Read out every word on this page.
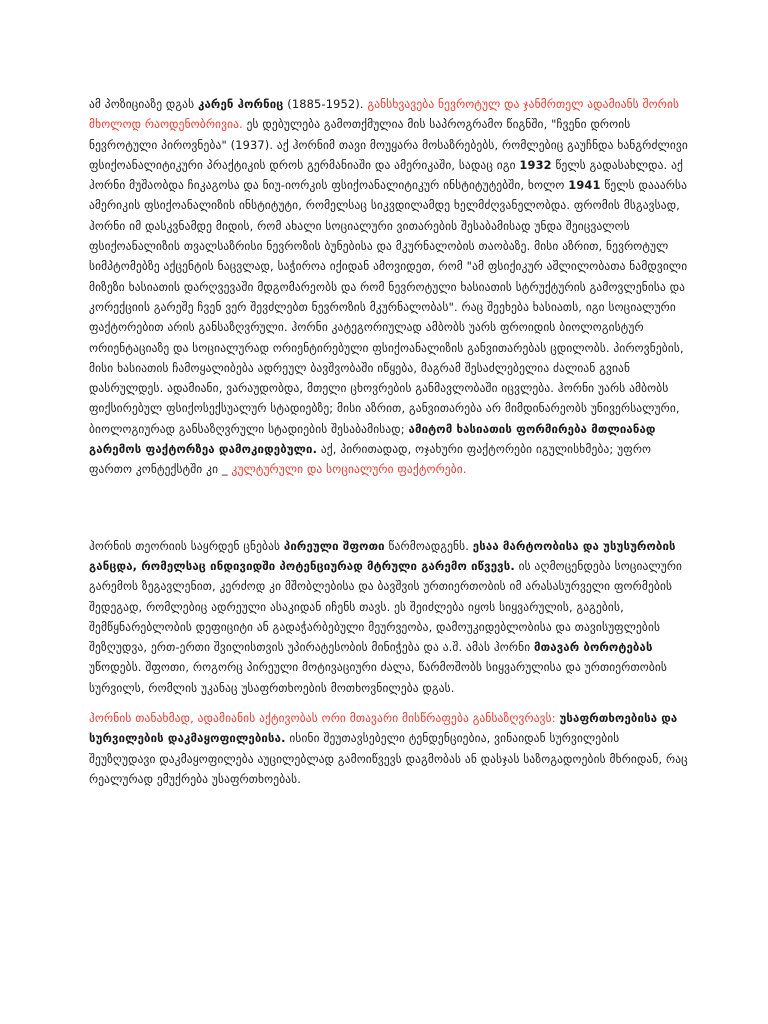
ამ პოზიციაზე დგას კარენ ჰორნიც (1885-1952). განსხვავება ნევროტულ და ჯანმრთელ ადამიანს შორის მხოლოდ რაოდენობრივია. ეს დებულება გამოთქმულია მის საპროგრამო წიგნში, "ჩვენი დროის ნევროტული პიროვნება" (1937). აქ ჰორნიმ თავი მოუყარა მოსაზრებებს, რომლებიც გაუჩნდა ხანგრძლივი ფსიქოანალიტიკური პრაქტიკის დროს გერმანიაში და ამერიკაში, სადაც იგი 1932 წელს გადასახლდა. აქ ჰორნი მუშაობდა ჩიკაგოსა და ნიუ-იორკის ფსიქოანალიტიკურ ინსტიტუტებში, ხოლო 1941 წელს დააარსა ამერიკის ფსიქოანალიზის ინსტიტუტი, რომელსაც სიკვდილამდე ხელმძღვანელობდა. ფრომის მსგავსად, ჰორნი იმ დასკვნამდე მიდის, რომ ახალი სოციალური ვითარების შესაბამისად უნდა შეიცვალოს ფსიქოანალიზის თვალსაზრისი ნევროზის ბუნებისა და მკურნალობის თაობაზე. მისი აზრით, ნევროტულ სიმპტომებზე აქცენტის ნაცვლად, საჭიროა იქიდან ამოვიდეთ, რომ "ამ ფსიქიკურ აშლილობათა ნამდვილი მიზეზი ხასიათის დარღვევაში მდგომარეობს და რომ ნევროტული ხასიათის სტრუქტურის გამოვლენისა და კორექციის გარეშე ჩვენ ვერ შევძლებთ ნევროზის მკურნალობას". რაც შეეხება ხასიათს, იგი სოციალური ფაქტორებით არის განსაზღვრული. ჰორნი კატეგორიულად ამბობს უარს ფროიდის ბიოლოგისტურ ორიენტაციაზე და სოციალურად ორიენტირებული ფსიქოანალიზის განვითარებას ცდილობს. პიროვნების, მისი ხასიათის ჩამოყალიბება ადრეულ ბავშვობაში იწყება, მაგრამ შესაძლებელია ძალიან გვიან დასრულდეს. ადამიანი, ვარაუდობდა, მთელი ცხოვრების განმავლობაში იცვლება. ჰორნი უარს ამბობს ფიქსირებულ ფსიქოსექსუალურ სტადიებზე; მისი აზრით, განვითარება არ მიმდინარეობს უნივერსალური, ბიოლოგიურად განსაზღვრული სტადიების შესაბამისად; ამიტომ ხასიათის ფორმირება მთლიანად გარემოს ფაქტორზეა დამოკიდებული. აქ, პირითადად, ოჯახური ფაქტორები იგულისხმება; უფრო ფართო კონტექსტში კი _ კულტურული და სოციალური ფაქტორები.

ჰორნის თეორიის საყრდენ ცნებას პირეული შფოთი წარმოადგენს. ესაა მარტოობისა და უსუსურობის განცდა, რომელსაც ინდივიდში პოტენციურად მტრული გარემო იწვევს. ის აღმოცენდება სოციალური გარემოს ზეგავლენით, კერძოდ კი მშობლებისა და ბავშვის ურთიერთობის იმ არასასურველი ფორმების შედეგად, რომლებიც ადრეული ასაკიდან იჩენს თავს. ეს შეიძლება იყოს სიყვარულის, გაგების, შემწყნარებლობის დეფიციტი ან გადაჭარბებული მეურვეობა, დამოუკიდებლობისა და თავისუფლების შეზღუდვა, ერთ-ერთი შვილისთვის უპირატესობის მინიჭება და ა.შ. ამას ჰორნი მთავარ ბოროტებას უწოდებს. შფოთი, როგორც პირეული მოტივაციური ძალა, წარმოშობს სიყვარულისა და ურთიერთობის სურვილს, რომლის უკანაც უსაფრთხოების მოთხოვნილება დგას.

ჰორნის თანახმად, ადამიანის აქტივობას ორი მთავარი მისწრაფება განსაზღვრავს: უსაფრთხოებისა და სურვილების დაკმაყოფილებისა. ისინი შეუთავსებელი ტენდენციებია, ვინაიდან სურვილების შეუზღუდავი დაკმაყოფილება აუცილებლად გამოიწვევს დაგმობას ან დასჯას საზოგადოების მხრიდან, რაც რეალურად ემუქრება უსაფრთხოებას.
